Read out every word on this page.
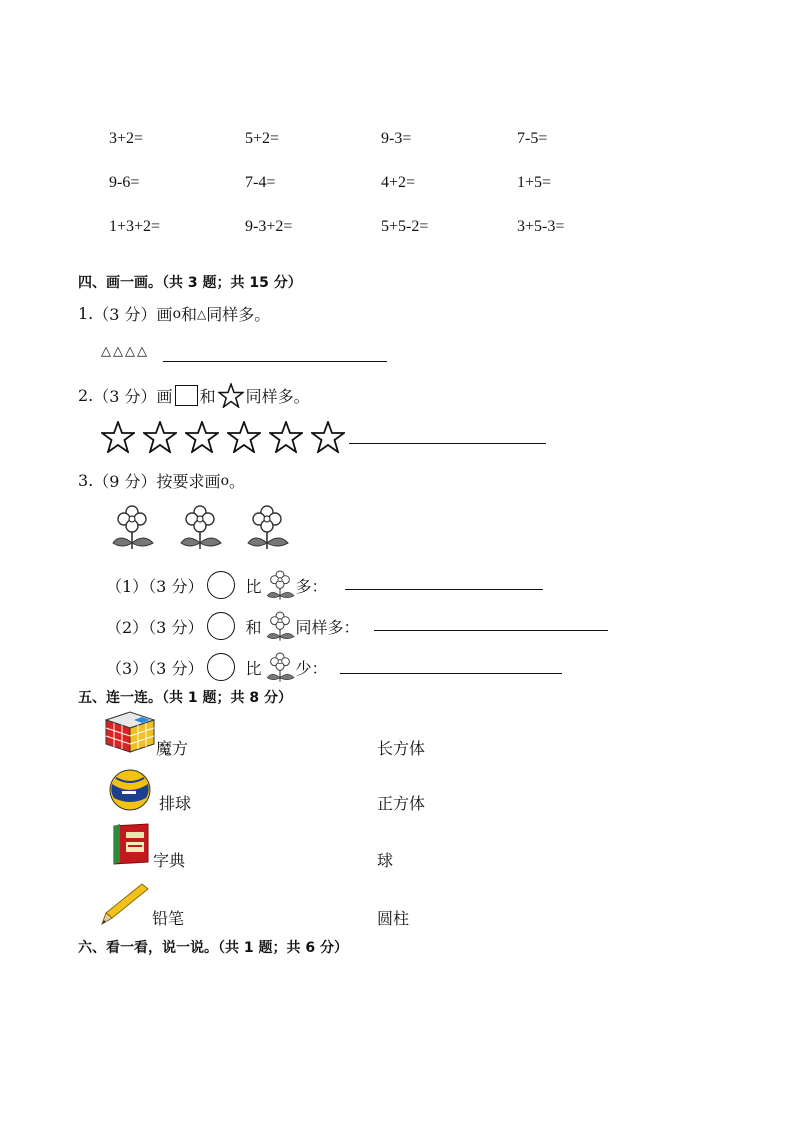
3+2=	5+2=	9-3=	7-5=
9-6=	7-4=	4+2=	1+5=
1+3+2=	9-3+2=	5+5-2=	3+5-3=
四、画一画。（共 3 题；共 15 分）
1. （3 分） 画 o 和 △ 同样多。
△△△△
2. （3 分） 画 和 同样多。
3. （9 分） 按要求画 o 。
（1）（3 分）	比 多：
（2）（3 分）	和 同样多：
（3）（3 分）	比 少：
五、连一连。（共 1 题；共 8 分）
魔方	长方体
排球	正方体
字典	球
铅笔	圆柱
六、看一看，说一说。（共 1 题；共 6 分）
